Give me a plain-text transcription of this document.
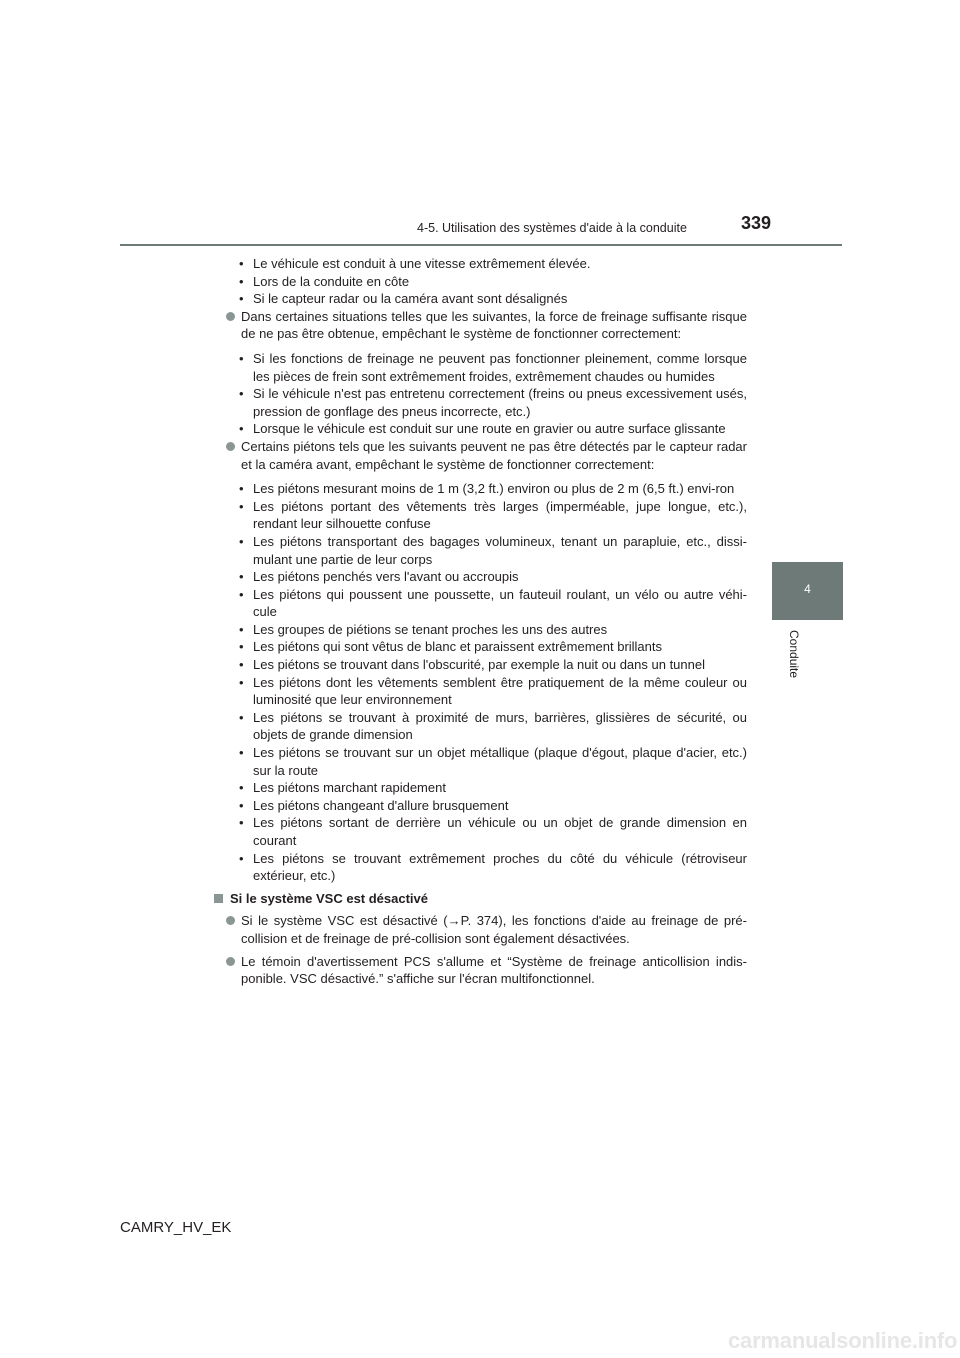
4-5. Utilisation des systèmes d'aide à la conduite	339
4
Conduite
• Le véhicule est conduit à une vitesse extrêmement élevée.
• Lors de la conduite en côte
• Si le capteur radar ou la caméra avant sont désalignés
Dans certaines situations telles que les suivantes, la force de freinage suffisante risque de ne pas être obtenue, empêchant le système de fonctionner correctement:
• Si les fonctions de freinage ne peuvent pas fonctionner pleinement, comme lorsque les pièces de frein sont extrêmement froides, extrêmement chaudes ou humides
• Si le véhicule n'est pas entretenu correctement (freins ou pneus excessivement usés, pression de gonflage des pneus incorrecte, etc.)
• Lorsque le véhicule est conduit sur une route en gravier ou autre surface glissante
Certains piétons tels que les suivants peuvent ne pas être détectés par le capteur radar et la caméra avant, empêchant le système de fonctionner correctement:
• Les piétons mesurant moins de 1 m (3,2 ft.) environ ou plus de 2 m (6,5 ft.) envi-ron
• Les piétons portant des vêtements très larges (imperméable, jupe longue, etc.), rendant leur silhouette confuse
• Les piétons transportant des bagages volumineux, tenant un parapluie, etc., dissi-mulant une partie de leur corps
• Les piétons penchés vers l'avant ou accroupis
• Les piétons qui poussent une poussette, un fauteuil roulant, un vélo ou autre véhi-cule
• Les groupes de piétions se tenant proches les uns des autres
• Les piétons qui sont vêtus de blanc et paraissent extrêmement brillants
• Les piétons se trouvant dans l'obscurité, par exemple la nuit ou dans un tunnel
• Les piétons dont les vêtements semblent être pratiquement de la même couleur ou luminosité que leur environnement
• Les piétons se trouvant à proximité de murs, barrières, glissières de sécurité, ou objets de grande dimension
• Les piétons se trouvant sur un objet métallique (plaque d'égout, plaque d'acier, etc.) sur la route
• Les piétons marchant rapidement
• Les piétons changeant d'allure brusquement
• Les piétons sortant de derrière un véhicule ou un objet de grande dimension en courant
• Les piétons se trouvant extrêmement proches du côté du véhicule (rétroviseur extérieur, etc.)
Si le système VSC est désactivé
Si le système VSC est désactivé (→P. 374), les fonctions d'aide au freinage de pré-collision et de freinage de pré-collision sont également désactivées.
Le témoin d'avertissement PCS s'allume et “Système de freinage anticollision indis-ponible. VSC désactivé.” s'affiche sur l'écran multifonctionnel.
CAMRY_HV_EK
carmanualsonline.info
